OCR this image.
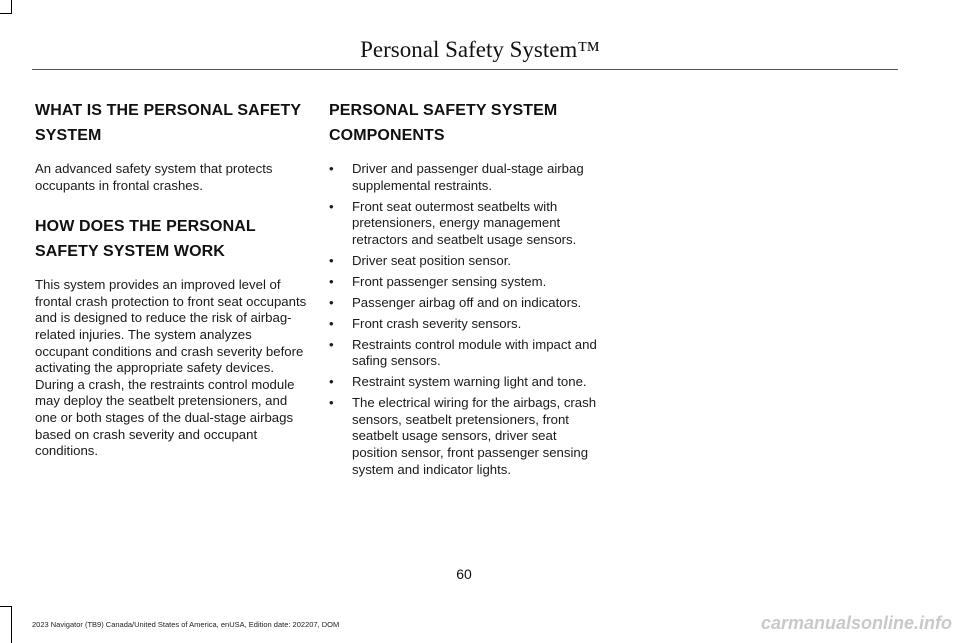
Personal Safety System™
WHAT IS THE PERSONAL SAFETY
SYSTEM

An advanced safety system that protects occupants in frontal crashes.

HOW DOES THE PERSONAL
SAFETY SYSTEM WORK

This system provides an improved level of frontal crash protection to front seat occupants and is designed to reduce the risk of airbag-related injuries. The system analyzes occupant conditions and crash severity before activating the appropriate safety devices. During a crash, the restraints control module may deploy the seatbelt pretensioners, and one or both stages of the dual-stage airbags based on crash severity and occupant conditions.

PERSONAL SAFETY SYSTEM
COMPONENTS
• Driver and passenger dual-stage airbag supplemental restraints.
• Front seat outermost seatbelts with pretensioners, energy management retractors and seatbelt usage sensors.
• Driver seat position sensor.
• Front passenger sensing system.
• Passenger airbag off and on indicators.
• Front crash severity sensors.
• Restraints control module with impact and safing sensors.
• Restraint system warning light and tone.
• The electrical wiring for the airbags, crash sensors, seatbelt pretensioners, front seatbelt usage sensors, driver seat position sensor, front passenger sensing system and indicator lights.
60
2023 Navigator (TB9) Canada/United States of America, enUSA, Edition date: 202207, DOM	carmanualsonline.info
